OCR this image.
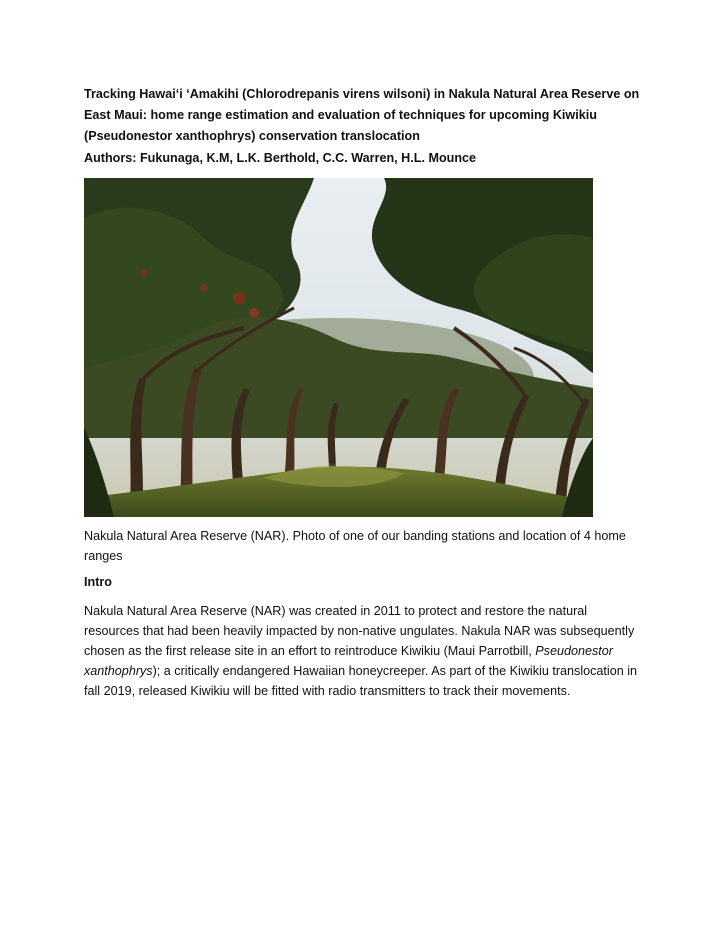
Tracking Hawai‘i ‘Amakihi (Chlorodrepanis virens wilsoni) in Nakula Natural Area Reserve on East Maui: home range estimation and evaluation of techniques for upcoming Kiwikiu (Pseudonestor xanthophrys) conservation translocation

Authors: Fukunaga, K.M, L.K. Berthold, C.C. Warren, H.L. Mounce

Nakula Natural Area Reserve (NAR). Photo of one of our banding stations and location of 4 home ranges

Intro

Nakula Natural Area Reserve (NAR) was created in 2011 to protect and restore the natural resources that had been heavily impacted by non-native ungulates. Nakula NAR was subsequently chosen as the first release site in an effort to reintroduce Kiwikiu (Maui Parrotbill, Pseudonestor xanthophrys); a critically endangered Hawaiian honeycreeper. As part of the Kiwikiu translocation in fall 2019, released Kiwikiu will be fitted with radio transmitters to track their movements.
